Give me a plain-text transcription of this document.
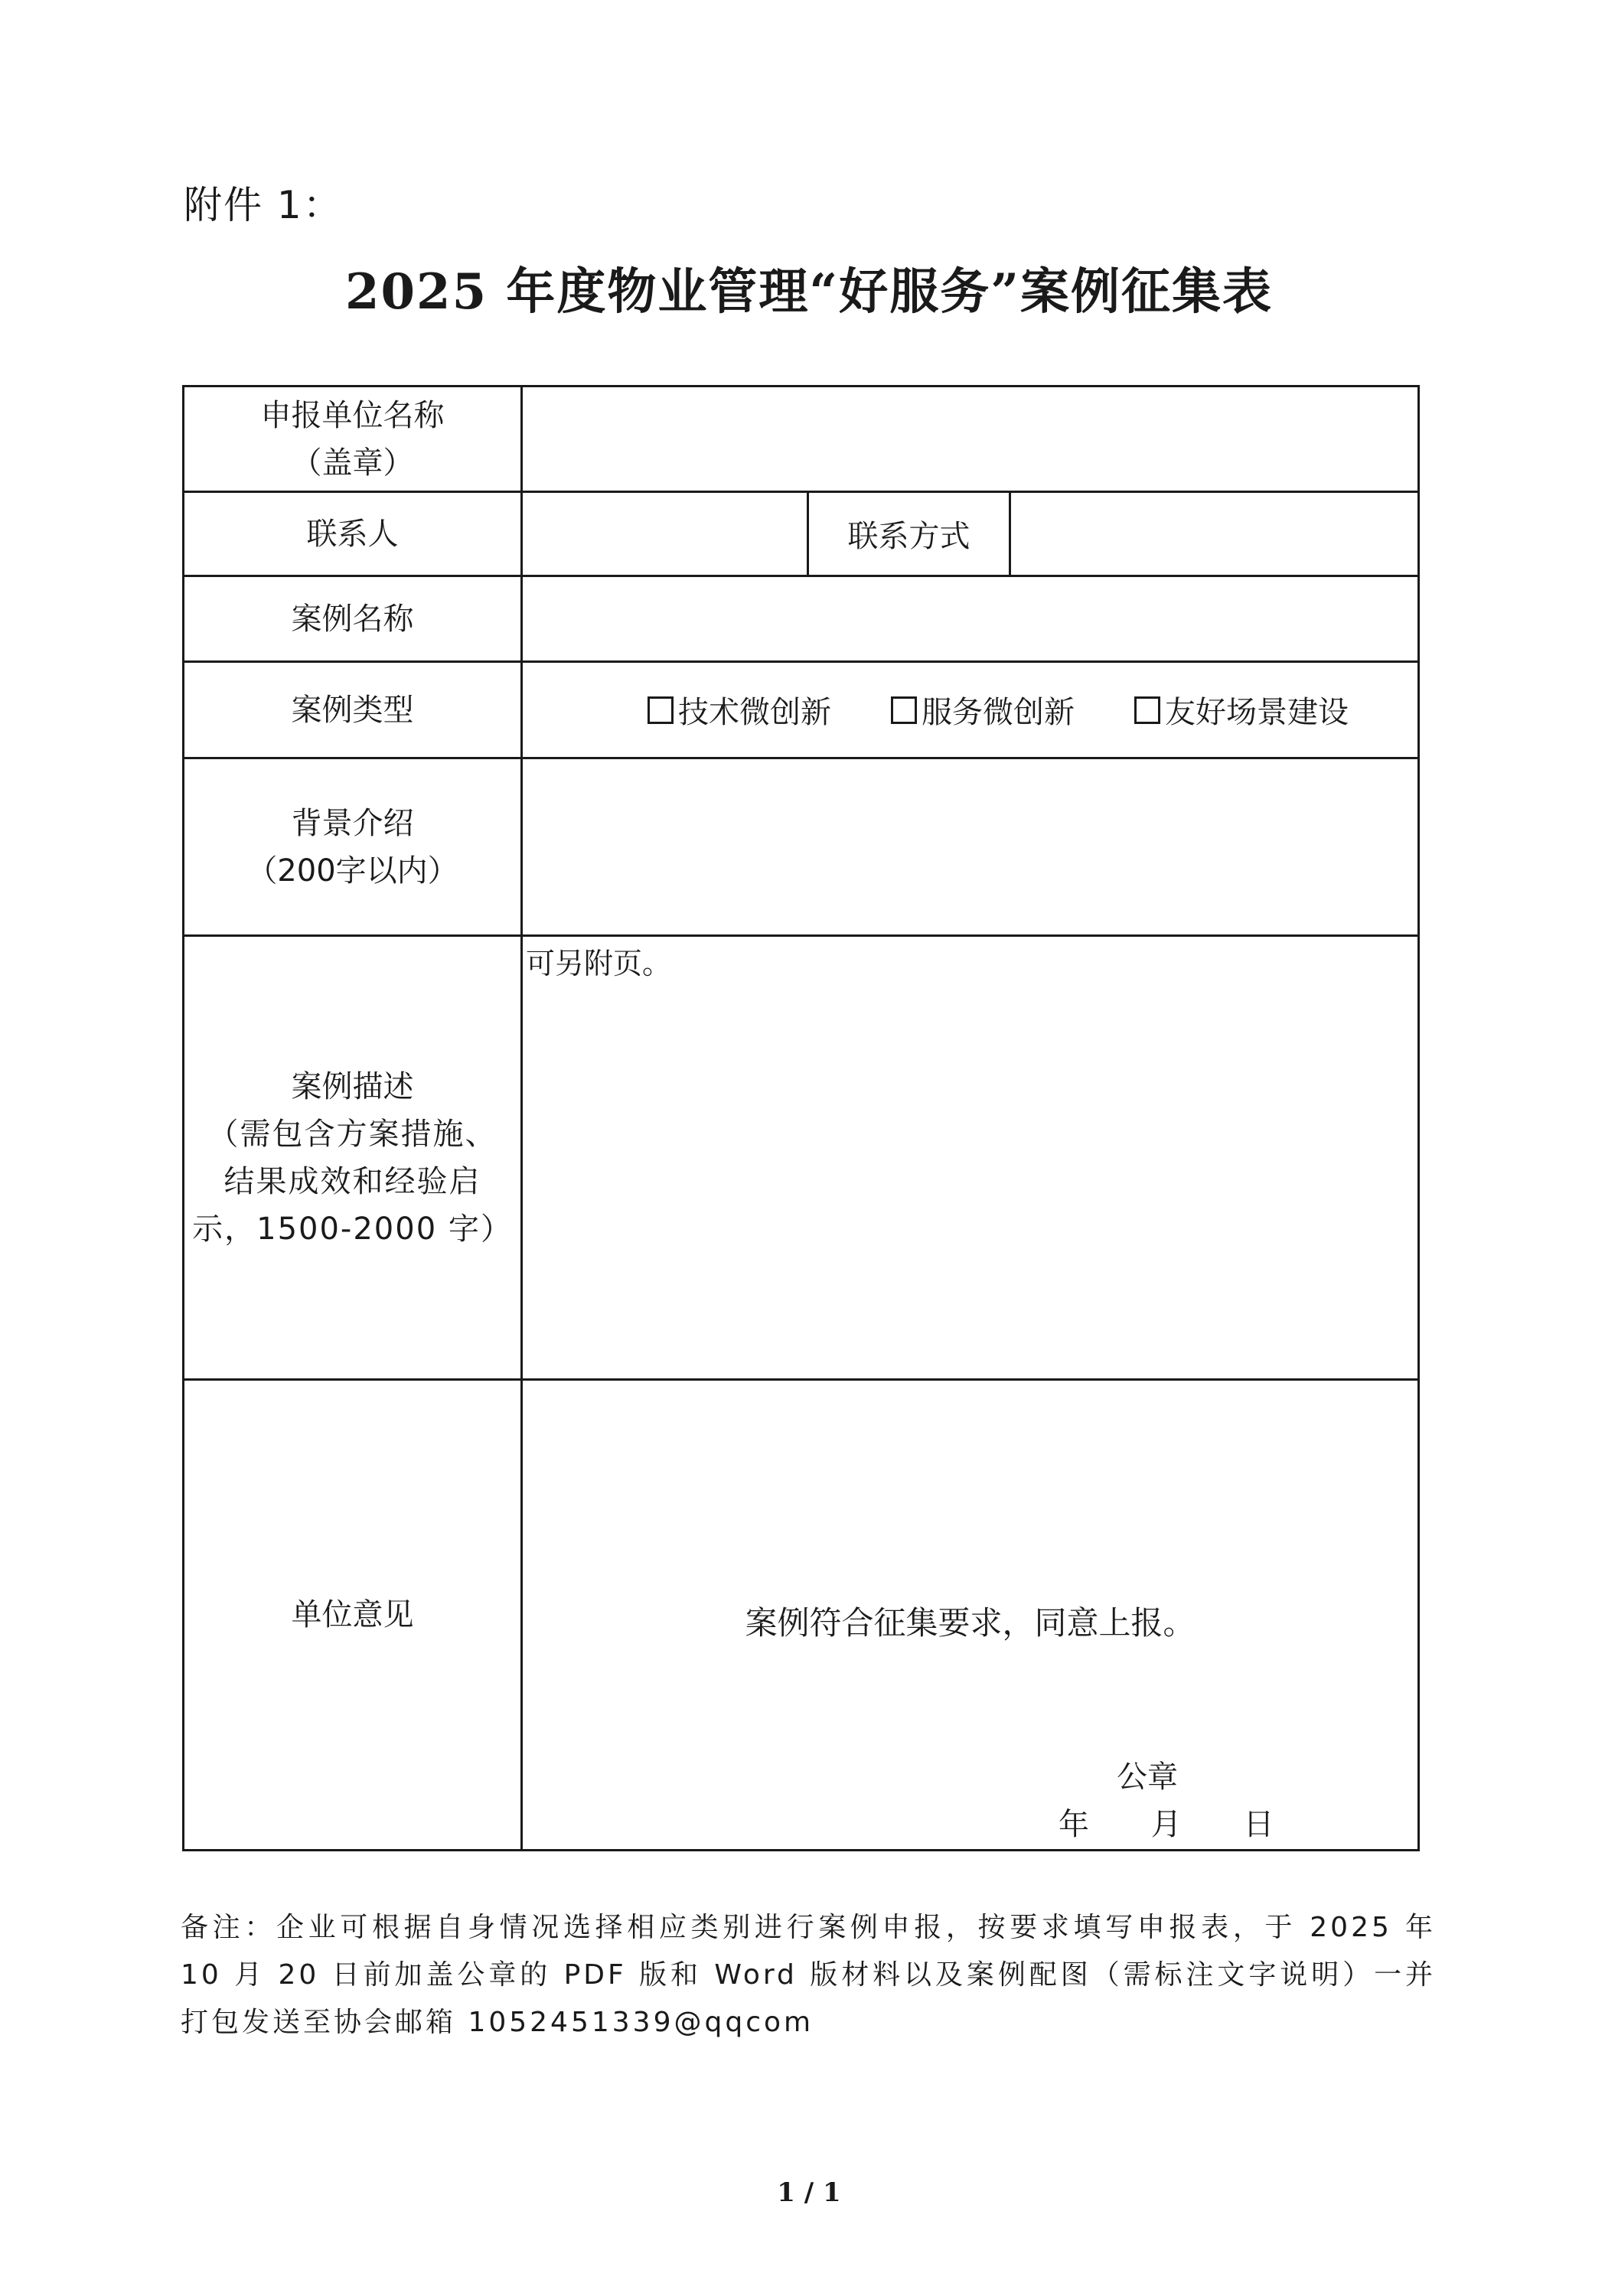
附件 1：
2025 年度物业管理“好服务”案例征集表
申报单位名称
（盖章）			

联系人		联系方式	
案例名称			
案例类型	技术微创新 服务微创新 友好场景建设		

背景介绍
（200字以内）			

案例描述
（需包含方案措施、
结果成效和经验启
示，1500-2000 字）	可另附页。		

单位意见	案例符合征集要求，同意上报。
公章
年 月 日		
备注：企业可根据自身情况选择相应类别进行案例申报，按要求填写申报表，于 2025 年 10 月 20 日前加盖公章的 PDF 版和 Word 版材料以及案例配图（需标注文字说明）一并打包发送至协会邮箱 1052451339@qqcom
1 / 1
